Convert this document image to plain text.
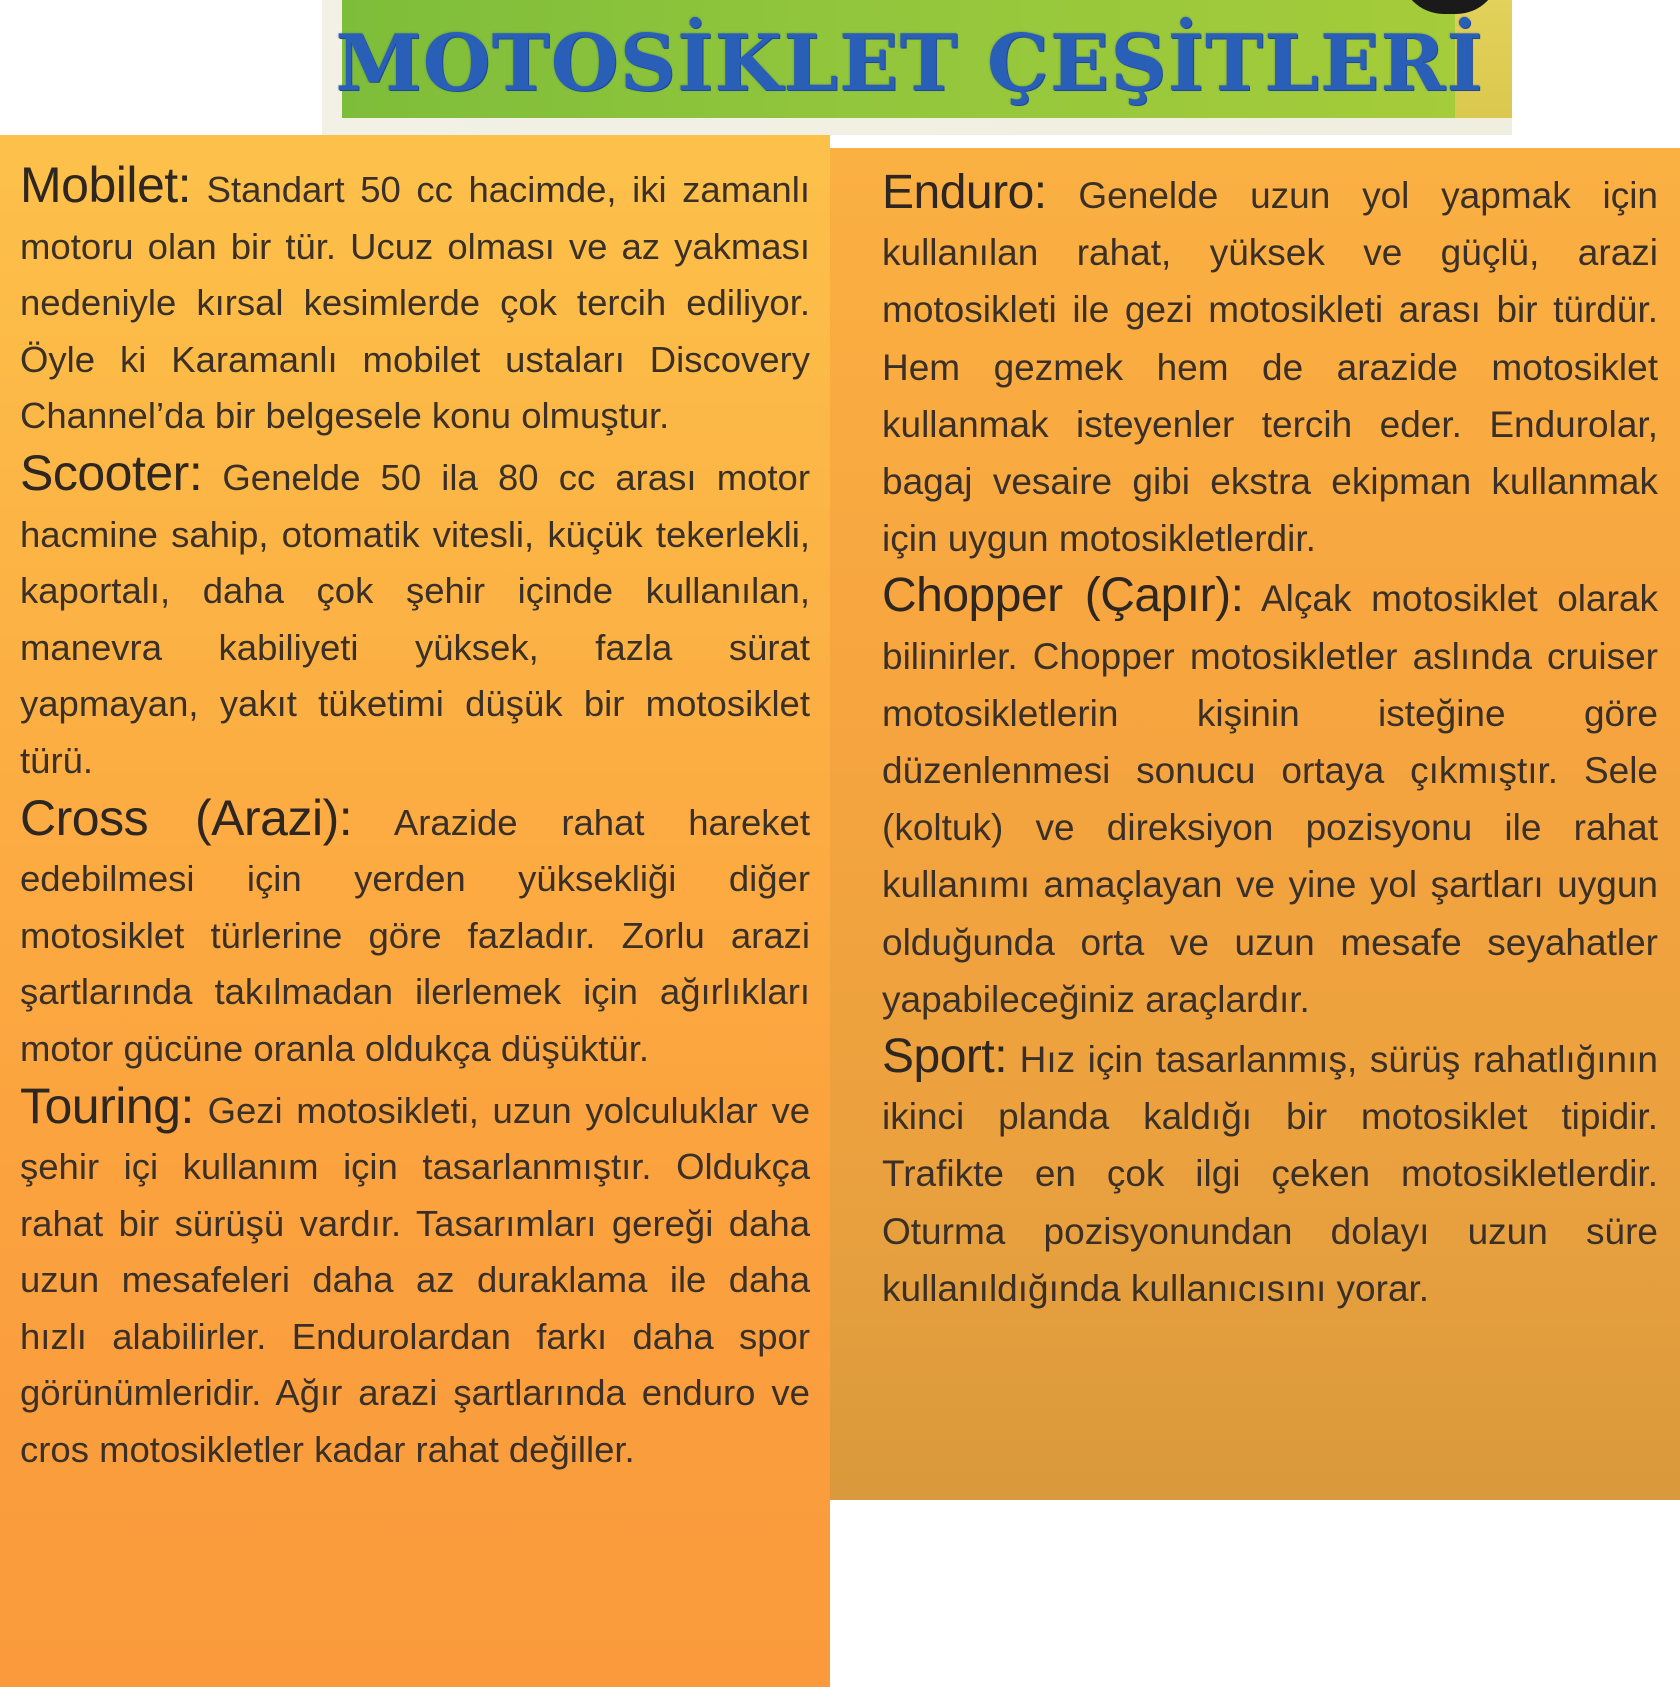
MOTOSİKLET ÇEŞİTLERİ

Mobilet: Standart 50 cc hacimde, iki zamanlı motoru olan bir tür. Ucuz olması ve az yakması nedeniyle kırsal kesimlerde çok tercih ediliyor. Öyle ki Karamanlı mobilet ustaları Discovery Channel’da bir belgesele konu olmuştur.

Scooter: Genelde 50 ila 80 cc arası motor hacmine sahip, otomatik vitesli, küçük tekerlekli, kaportalı, daha çok şehir içinde kullanılan, manevra kabiliyeti yüksek, fazla sürat yapmayan, yakıt tüketimi düşük bir motosiklet türü.

Cross (Arazi): Arazide rahat hareket edebilmesi için yerden yüksekliği diğer motosiklet türlerine göre fazladır. Zorlu arazi şartlarında takılmadan ilerlemek için ağırlıkları motor gücüne oranla oldukça düşüktür.

Touring: Gezi motosikleti, uzun yolculuklar ve şehir içi kullanım için tasarlanmıştır. Oldukça rahat bir sürüşü vardır. Tasarımları gereği daha uzun mesafeleri daha az duraklama ile daha hızlı alabilirler. Endurolardan farkı daha spor görünümleridir. Ağır arazi şartlarında enduro ve cros motosikletler kadar rahat değiller.

Enduro: Genelde uzun yol yapmak için kullanılan rahat, yüksek ve güçlü, arazi motosikleti ile gezi motosikleti arası bir türdür. Hem gezmek hem de arazide motosiklet kullanmak isteyenler tercih eder. Endurolar, bagaj vesaire gibi ekstra ekipman kullanmak için uygun motosikletlerdir.

Chopper (Çapır): Alçak motosiklet olarak bilinirler. Chopper motosikletler aslında cruiser motosikletlerin kişinin isteğine göre düzenlenmesi sonucu ortaya çıkmıştır. Sele (koltuk) ve direksiyon pozisyonu ile rahat kullanımı amaçlayan ve yine yol şartları uygun olduğunda orta ve uzun mesafe seyahatler yapabileceğiniz araçlardır.

Sport: Hız için tasarlanmış, sürüş rahatlığının ikinci planda kaldığı bir motosiklet tipidir. Trafikte en çok ilgi çeken motosikletlerdir. Oturma pozisyonundan dolayı uzun süre kullanıldığında kullanıcısını yorar.
